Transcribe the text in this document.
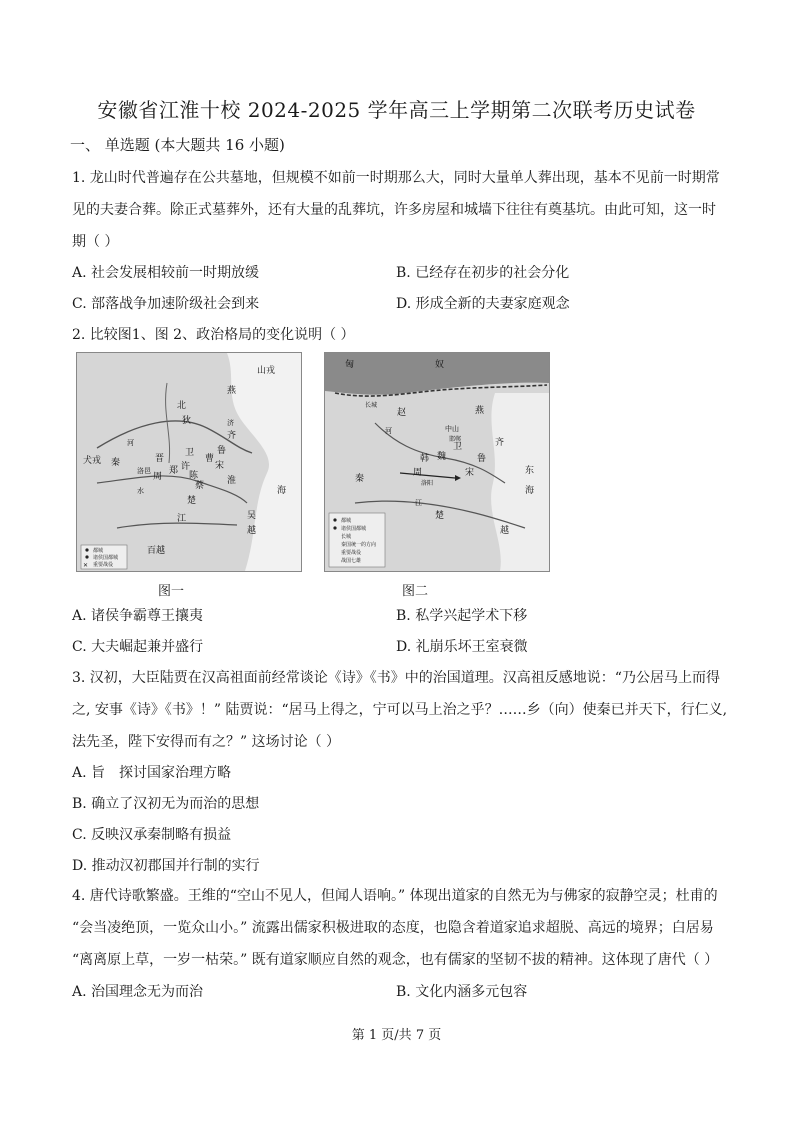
安徽省江淮十校 2024-2025 学年高三上学期第二次联考历史试卷
一、 单选题 (本大题共 16 小题)
1. 龙山时代普遍存在公共墓地，但规模不如前一时期那么大，同时大量单人葬出现，基本不见前一时期常
见的夫妻合葬。除正式墓葬外，还有大量的乱葬坑，许多房屋和城墙下往往有奠基坑。由此可知，这一时
期（ ）
A. 社会发展相较前一时期放缓	B. 已经存在初步的社会分化
C. 部落战争加速阶级社会到来	D. 形成全新的夫妻家庭观念
2. 比较图1、图 2、政治格局的变化说明（ ）
✕
山戎
燕
北
狄
晋
卫
齐
鲁
宋
郑 陈
许
蔡
曹
周
洛邑
秦
犬戎
江
淮
楚
吴
越
百越
海
河
济
水
都城
诸侯国都城
重要战役
匈	奴
赵	燕
中山
卫
韩 魏
周	宋
鲁
齐
秦
楚
越
东
海
江
河
洛阳
邯郸
长城
都城
诸侯国都城
长城
秦国统一的方向
重要战役
战国七雄
图一	图二
A. 诸侯争霸尊王攘夷	B. 私学兴起学术下移
C. 大夫崛起兼并盛行	D. 礼崩乐坏王室衰微
3. 汉初，大臣陆贾在汉高祖面前经常谈论《诗》《书》中的治国道理。汉高祖反感地说：“乃公居马上而得
之, 安事《诗》《书》！” 陆贾说：“居马上得之，宁可以马上治之乎？……乡（向）使秦已并天下，行仁义,
法先圣，陛下安得而有之？” 这场讨论（ ）
A. 旨　探讨国家治理方略
B. 确立了汉初无为而治的思想
C. 反映汉承秦制略有损益
D. 推动汉初郡国并行制的实行
4. 唐代诗歌繁盛。王维的“空山不见人，但闻人语响。” 体现出道家的自然无为与佛家的寂静空灵；杜甫的
“会当凌绝顶，一览众山小。” 流露出儒家积极进取的态度，也隐含着道家追求超脱、高远的境界；白居易
“离离原上草，一岁一枯荣。” 既有道家顺应自然的观念，也有儒家的坚韧不拔的精神。这体现了唐代（ ）
A. 治国理念无为而治	B. 文化内涵多元包容
第 1 页/共 7 页
